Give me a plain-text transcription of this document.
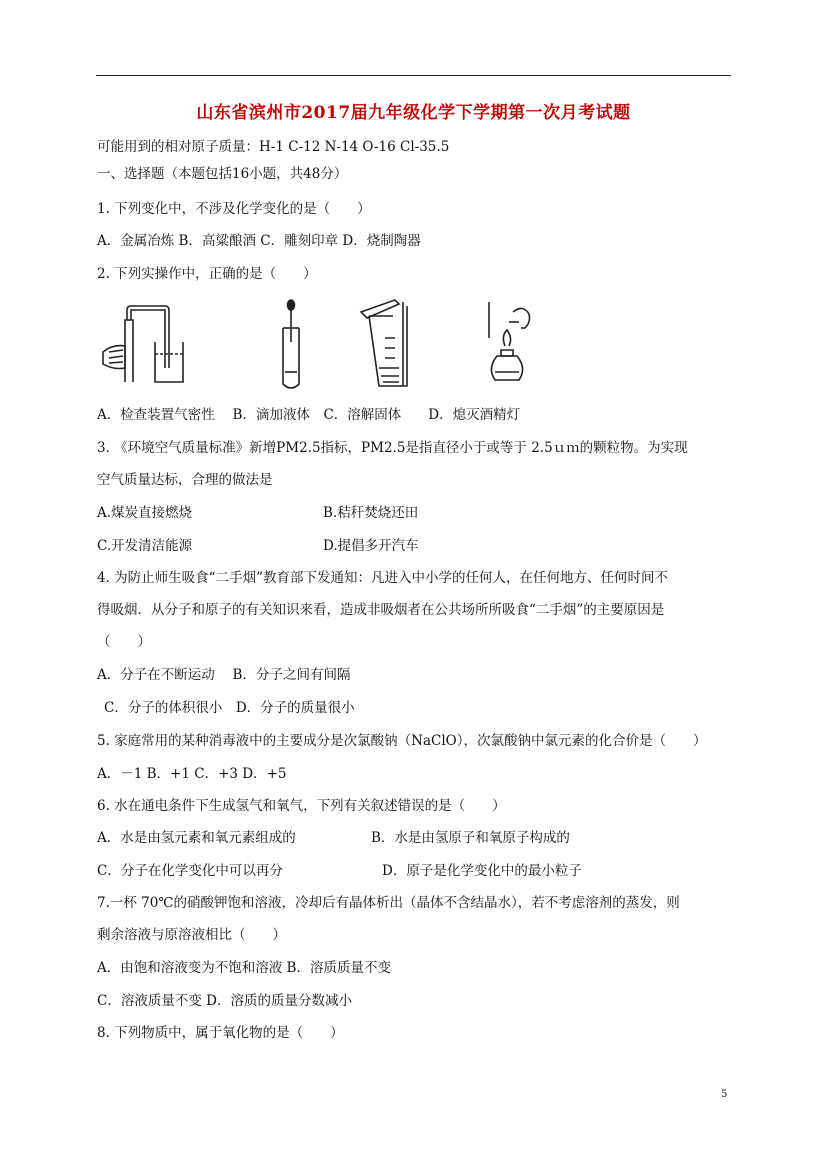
山东省滨州市2017届九年级化学下学期第一次月考试题
可能用到的相对原子质量：H-1 C-12 N-14 O-16 Cl-35.5
一、选择题（本题包括16小题，共48分）
1. 下列变化中，不涉及化学变化的是（　　）
A．金属冶炼 B．高粱酿酒 C．雕刻印章 D．烧制陶器
2. 下列实操作中，正确的是（　　）
A．检查装置气密性　 B．滴加液体　C．溶解固体　　D．熄灭酒精灯
3. 《环境空气质量标准》新增PM2.5指标，PM2.5是指直径小于或等于 2.5ｕｍ的颗粒物。为实现
空气质量达标，合理的做法是
A.煤炭直接燃烧	B.秸秆焚烧还田
C.开发清洁能源	D.提倡多开汽车
4. 为防止师生吸食“二手烟”教育部下发通知：凡进入中小学的任何人，在任何地方、任何时间不
得吸烟．从分子和原子的有关知识来看，造成非吸烟者在公共场所所吸食“二手烟”的主要原因是
（　　）
A．分子在不断运动　 B．分子之间有间隔
C．分子的体积很小　D．分子的质量很小
5. 家庭常用的某种消毒液中的主要成分是次氯酸钠（NaClO），次氯酸钠中氯元素的化合价是（　　）
A．－1 B．+1 C．+3 D．+5
6. 水在通电条件下生成氢气和氧气，下列有关叙述错误的是（　　）
A．水是由氢元素和氧元素组成的	B．水是由氢原子和氧原子构成的
C．分子在化学变化中可以再分	D．原子是化学变化中的最小粒子
7.一杯 70℃的硝酸钾饱和溶液，冷却后有晶体析出（晶体不含结晶水），若不考虑溶剂的蒸发，则
剩余溶液与原溶液相比（　　）
A．由饱和溶液变为不饱和溶液 B．溶质质量不变
C．溶液质量不变 D．溶质的质量分数减小
8. 下列物质中，属于氧化物的是（　　）
5
